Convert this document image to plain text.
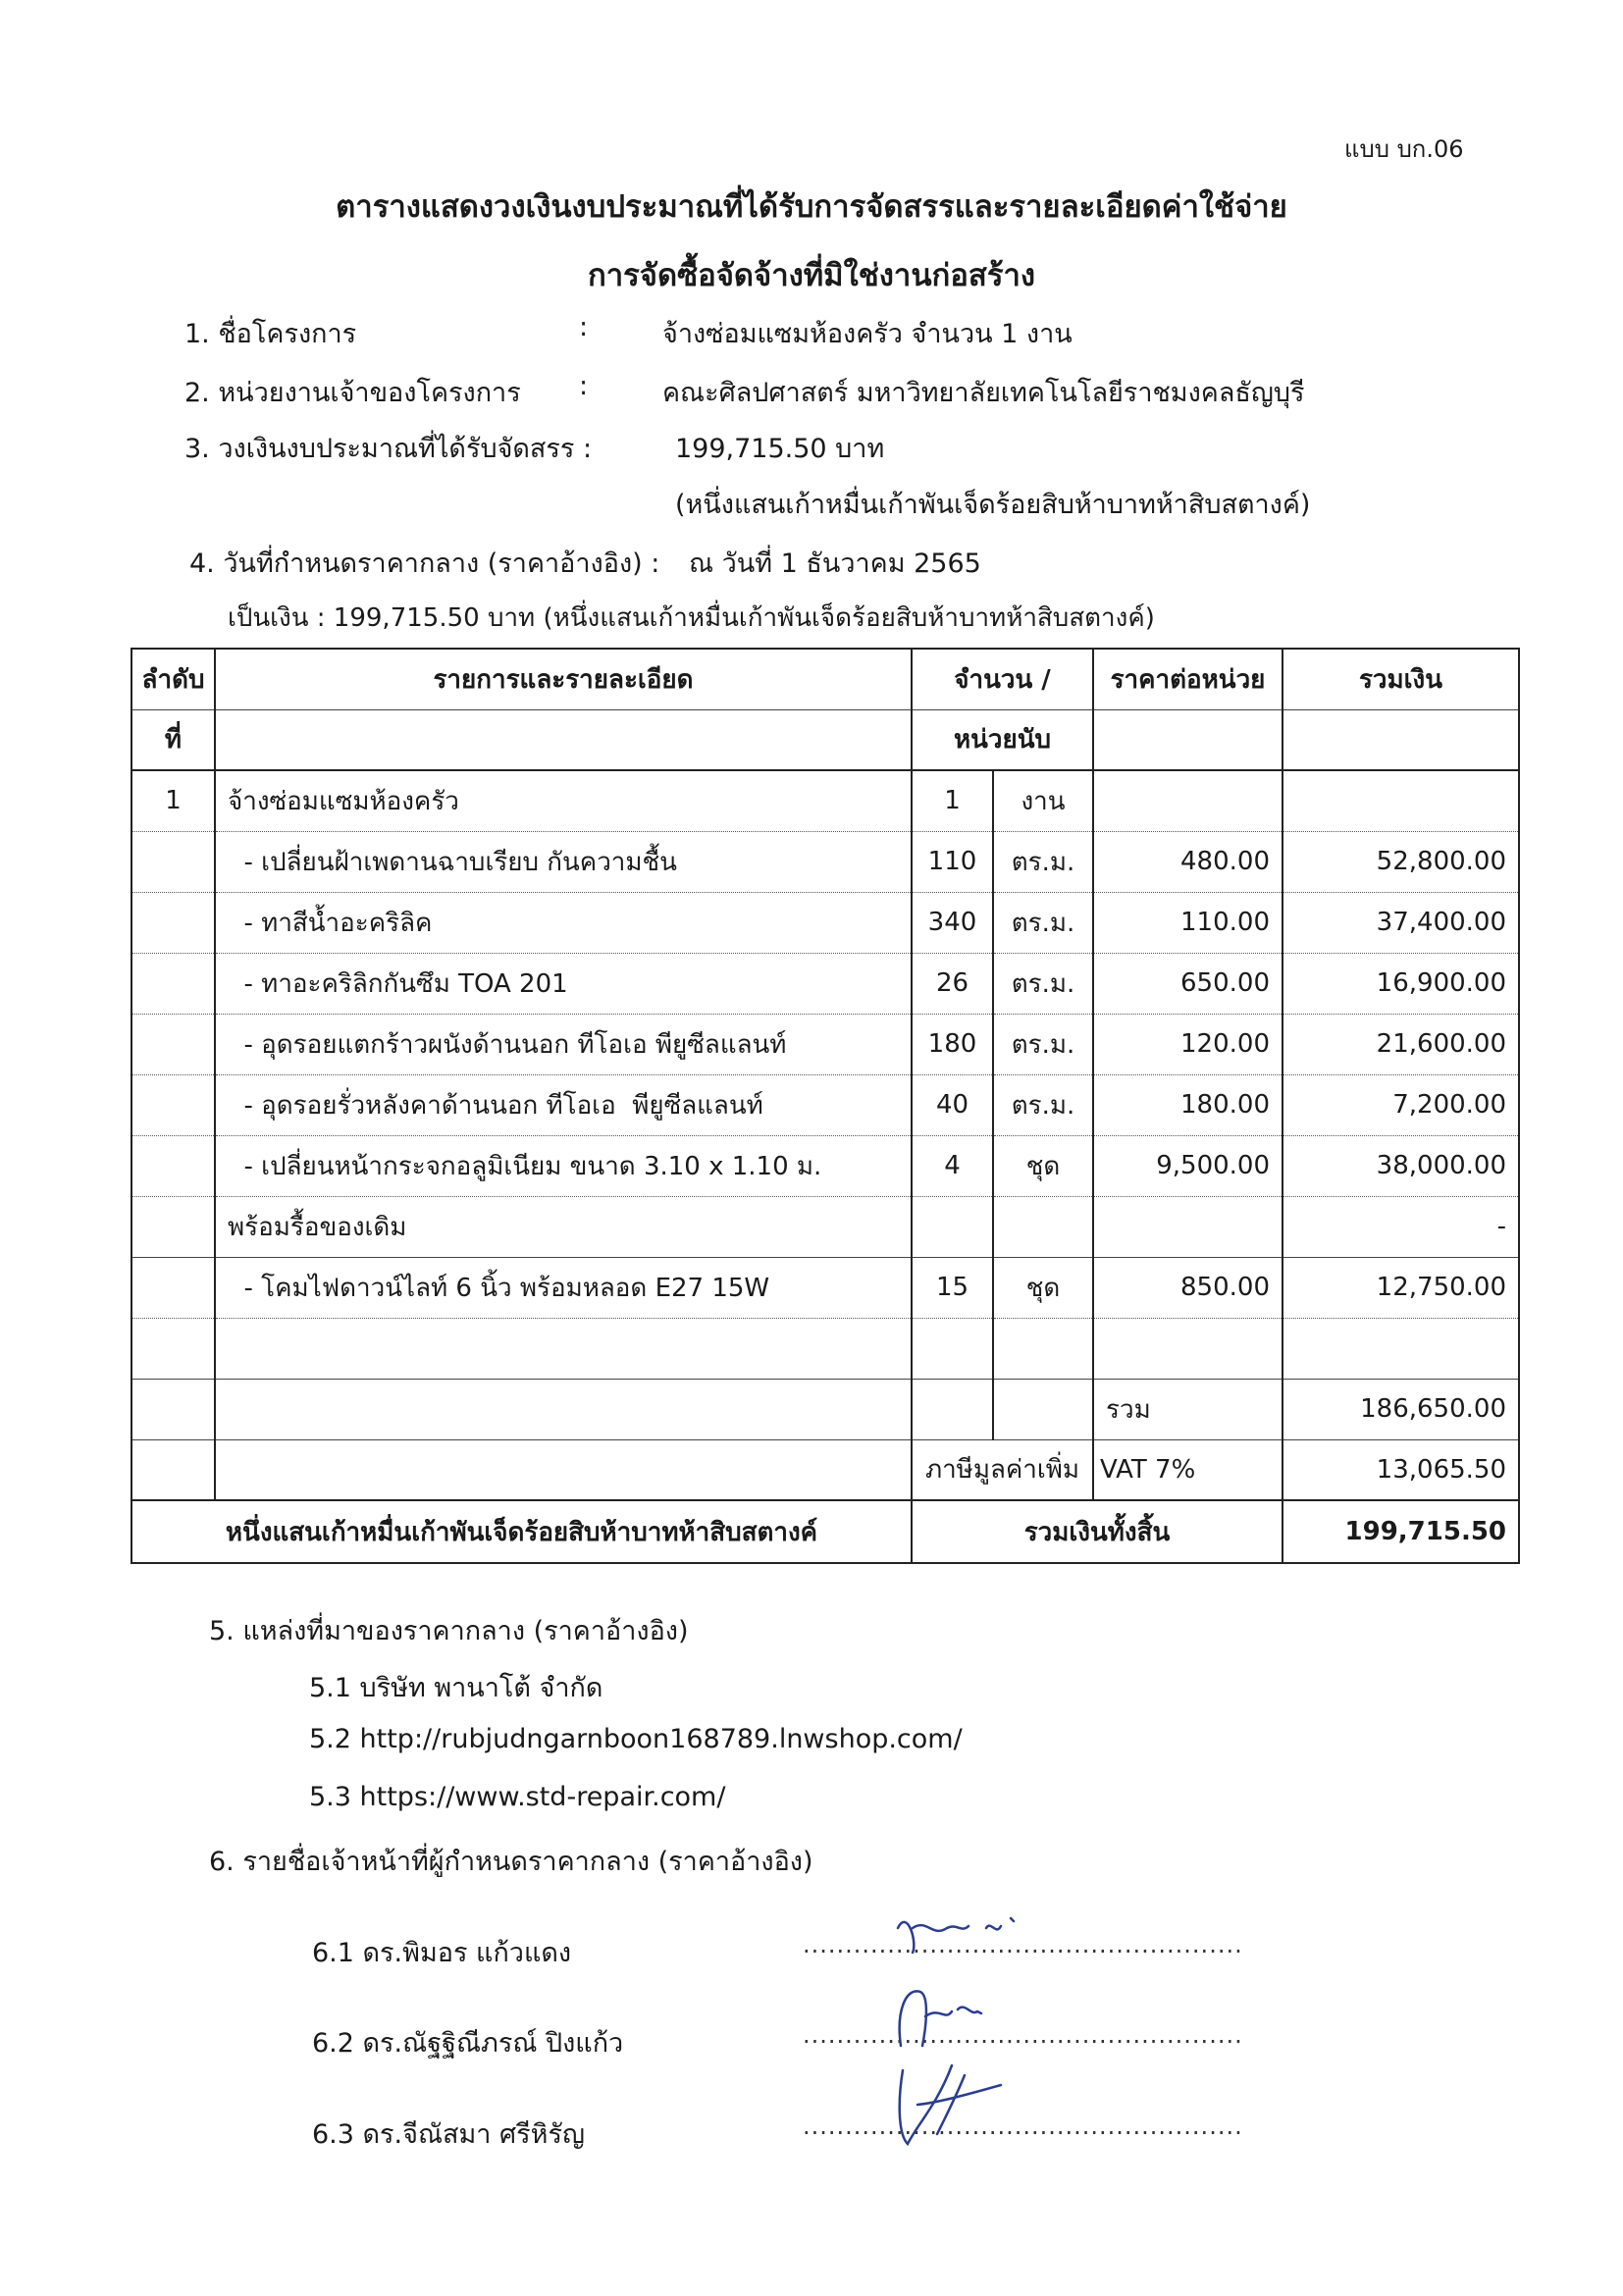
แบบ บก.06
ตารางแสดงวงเงินงบประมาณที่ได้รับการจัดสรรและรายละเอียดค่าใช้จ่าย
การจัดซื้อจัดจ้างที่มิใช่งานก่อสร้าง
1. ชื่อโครงการ	:	จ้างซ่อมแซมห้องครัว จำนวน 1 งาน
2. หน่วยงานเจ้าของโครงการ :	คณะศิลปศาสตร์ มหาวิทยาลัยเทคโนโลยีราชมงคลธัญบุรี
3. วงเงินงบประมาณที่ได้รับจัดสรร :	199,715.50 บาท
(หนึ่งแสนเก้าหมื่นเก้าพันเจ็ดร้อยสิบห้าบาทห้าสิบสตางค์)
4. วันที่กำหนดราคากลาง (ราคาอ้างอิง) : ณ วันที่ 1 ธันวาคม 2565
เป็นเงิน : 199,715.50 บาท (หนึ่งแสนเก้าหมื่นเก้าพันเจ็ดร้อยสิบห้าบาทห้าสิบสตางค์)
ลำดับ	รายการและรายละเอียด	จำนวน /		ราคาต่อหน่วย	รวมเงิน
ที่		หน่วยนับ			
1	จ้างซ่อมแซมห้องครัว	1	งาน		
	- เปลี่ยนฝ้าเพดานฉาบเรียบ กันความชื้น	110	ตร.ม.	480.00	52,800.00
	- ทาสีน้ำอะคริลิค	340	ตร.ม.	110.00	37,400.00
	- ทาอะคริลิกกันซึม TOA 201	26	ตร.ม.	650.00	16,900.00
	- อุดรอยแตกร้าวผนังด้านนอก ทีโอเอ พียูซีลแลนท์	180	ตร.ม.	120.00	21,600.00
	- อุดรอยรั่วหลังคาด้านนอก ทีโอเอ  พียูซีลแลนท์	40	ตร.ม.	180.00	7,200.00
	- เปลี่ยนหน้ากระจกอลูมิเนียม ขนาด 3.10 x 1.10 ม.	4	ชุด	9,500.00	38,000.00
	พร้อมรื้อของเดิม				-
	- โคมไฟดาวน์ไลท์ 6 นิ้ว พร้อมหลอด E27 15W	15	ชุด	850.00	12,750.00

				รวม	186,650.00
		ภาษีมูลค่าเพิ่ม		VAT 7%	13,065.50
หนึ่งแสนเก้าหมื่นเก้าพันเจ็ดร้อยสิบห้าบาทห้าสิบสตางค์		รวมเงินทั้งสิ้น			199,715.50
5. แหล่งที่มาของราคากลาง (ราคาอ้างอิง)
5.1 บริษัท พานาโต้ จำกัด
5.2 http://rubjudngarnboon168789.lnwshop.com/
5.3 https://www.std-repair.com/
6. รายชื่อเจ้าหน้าที่ผู้กำหนดราคากลาง (ราคาอ้างอิง)
6.1 ดร.พิมอร แก้วแดง	....................................................
6.2 ดร.ณัฐฐิณีภรณ์ ปิงแก้ว	....................................................
6.3 ดร.จีณัสมา ศรีหิรัญ	....................................................
